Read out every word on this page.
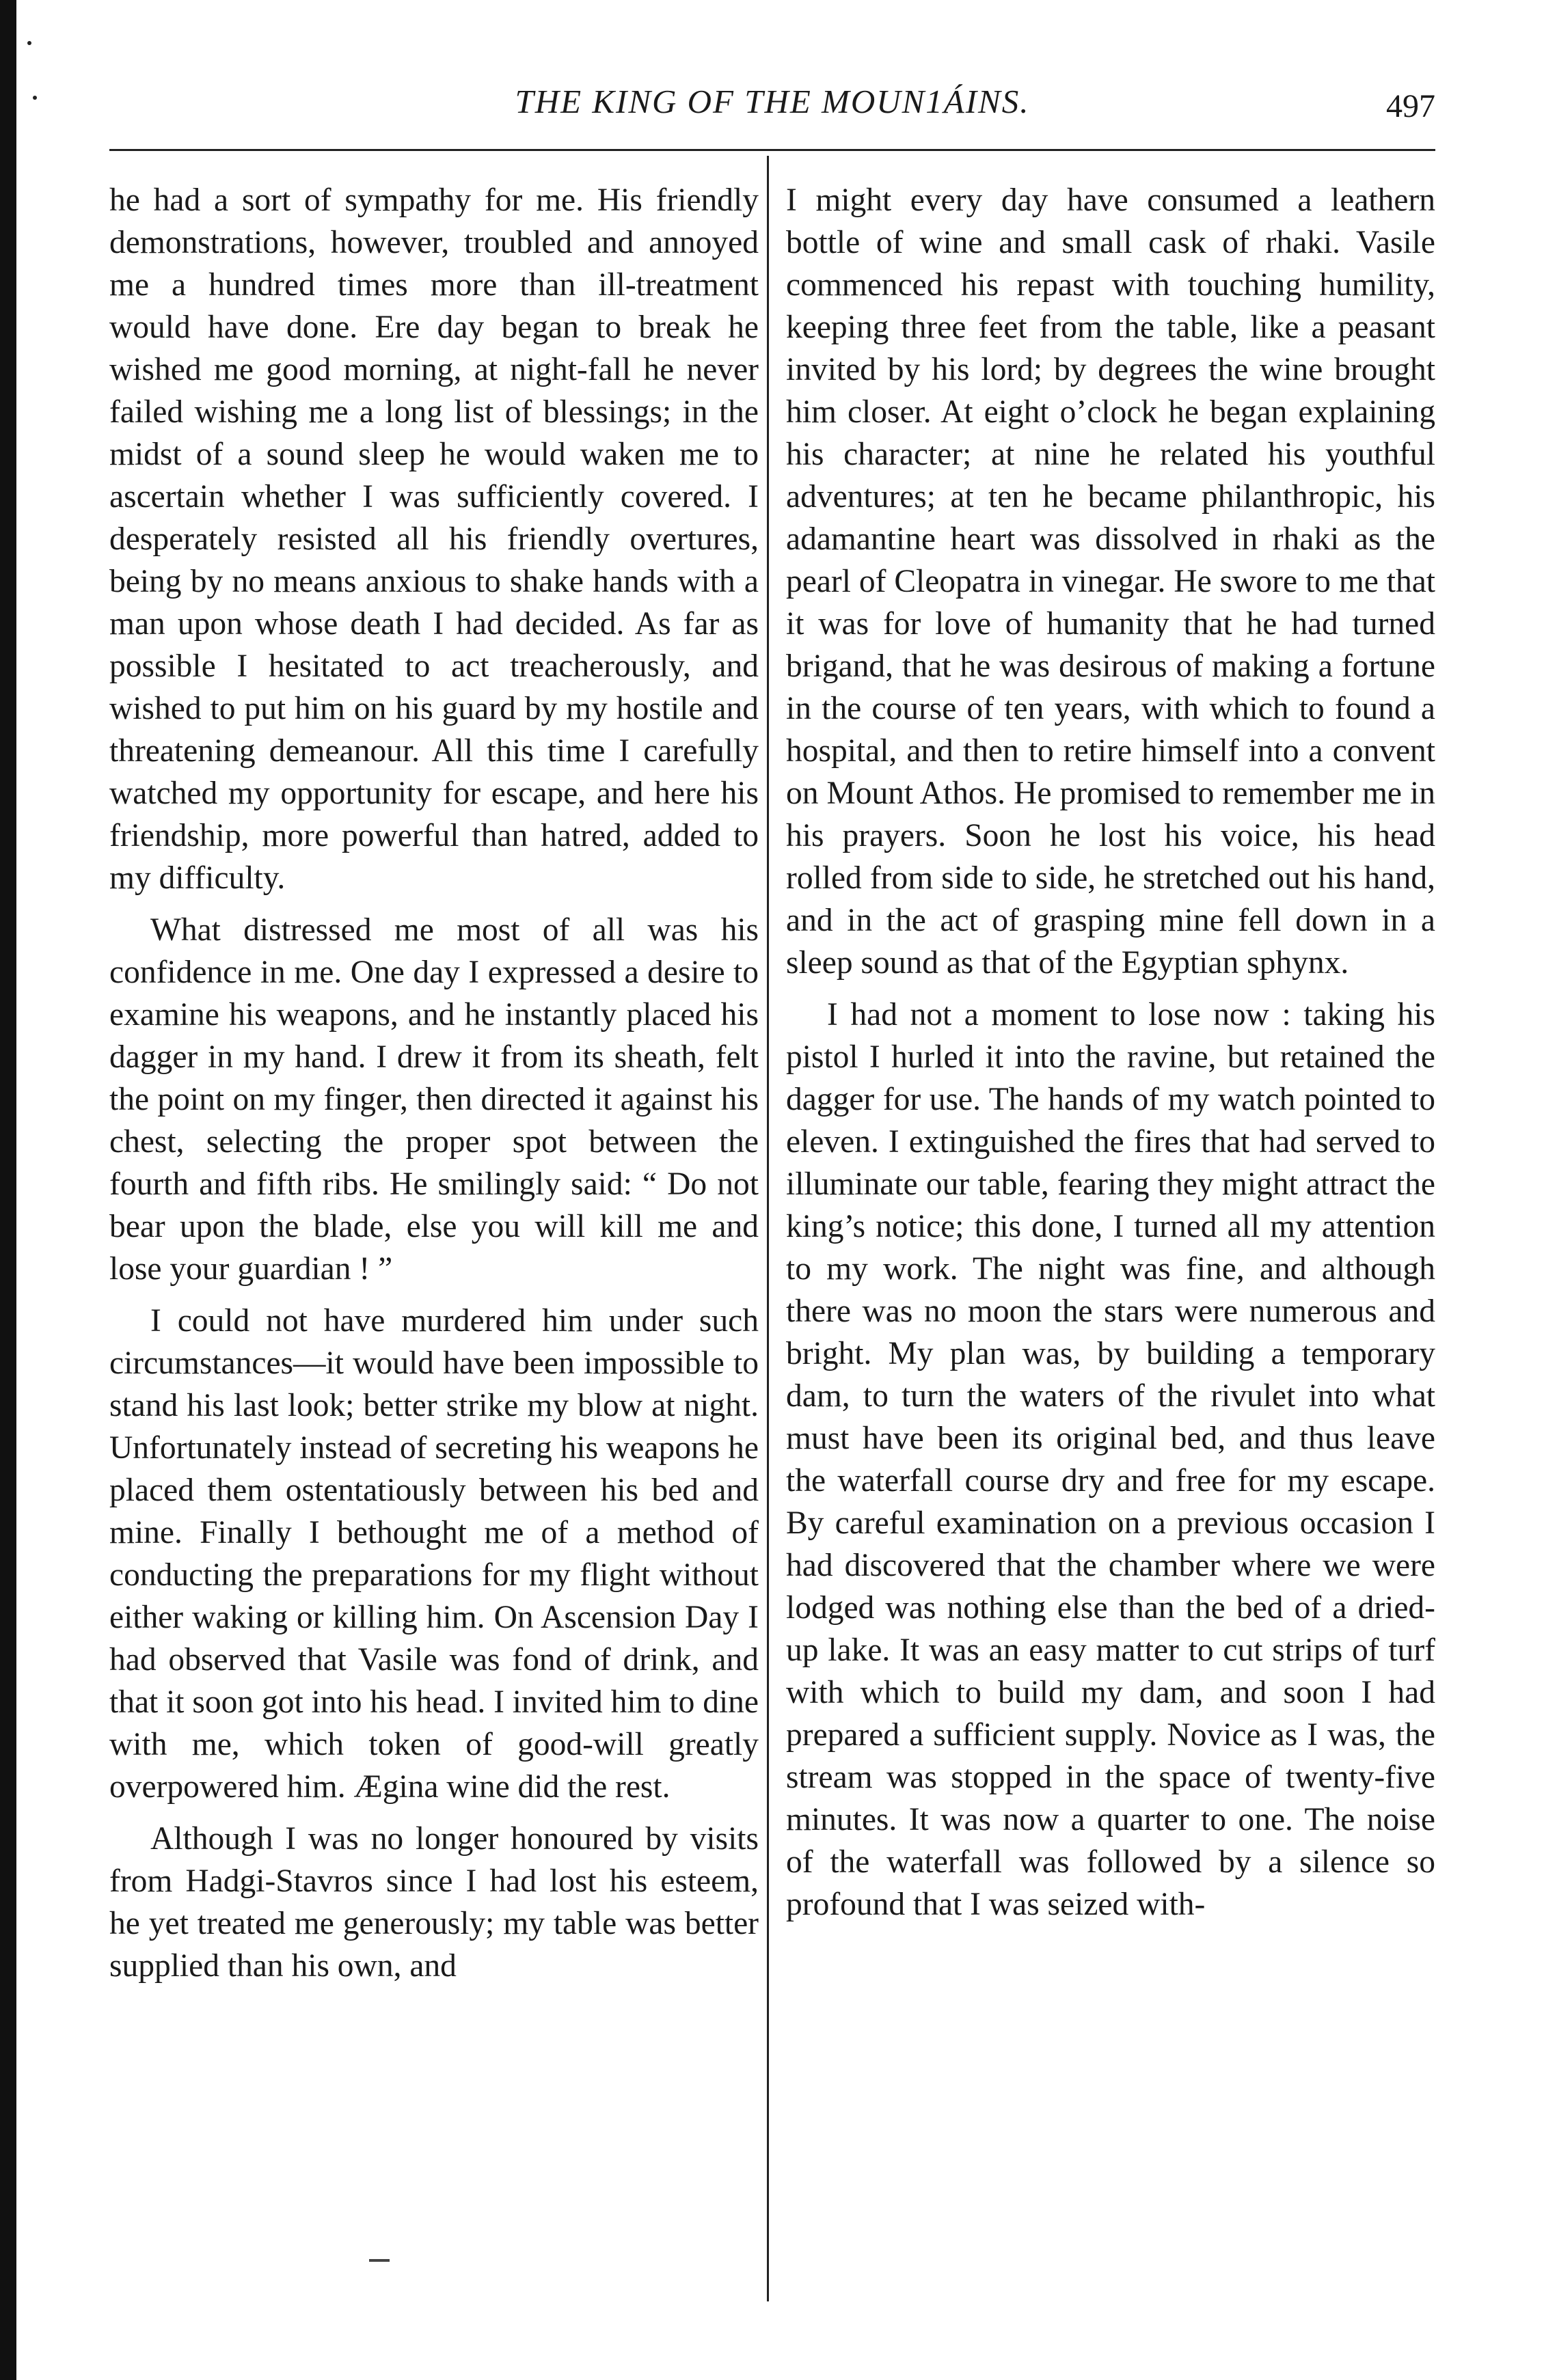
THE KING OF THE MOUN1ÁINS.	497

he had a sort of sympathy for me. His friendly demonstrations, however, troubled and annoyed me a hundred times more than ill-treatment would have done. Ere day began to break he wished me good morning, at night-fall he never failed wishing me a long list of blessings; in the midst of a sound sleep he would waken me to ascertain whether I was sufficiently covered. I desperately resisted all his friendly overtures, being by no means anxious to shake hands with a man upon whose death I had decided. As far as possible I hesitated to act treacherously, and wished to put him on his guard by my hostile and threatening demeanour. All this time I carefully watched my opportunity for escape, and here his friendship, more powerful than hatred, added to my difficulty.

What distressed me most of all was his confidence in me. One day I expressed a desire to examine his weapons, and he instantly placed his dagger in my hand. I drew it from its sheath, felt the point on my finger, then directed it against his chest, selecting the proper spot between the fourth and fifth ribs. He smilingly said: “ Do not bear upon the blade, else you will kill me and lose your guardian ! ”

I could not have murdered him under such circumstances—it would have been impossible to stand his last look; better strike my blow at night. Unfortunately instead of secreting his weapons he placed them ostentatiously between his bed and mine. Finally I bethought me of a method of conducting the preparations for my flight without either waking or killing him. On Ascension Day I had observed that Vasile was fond of drink, and that it soon got into his head. I invited him to dine with me, which token of good-will greatly overpowered him. Ægina wine did the rest.

Although I was no longer honoured by visits from Hadgi-Stavros since I had lost his esteem, he yet treated me generously; my table was better supplied than his own, and

I might every day have consumed a leathern bottle of wine and small cask of rhaki. Vasile commenced his repast with touching humility, keeping three feet from the table, like a peasant invited by his lord; by degrees the wine brought him closer. At eight o’clock he began explaining his character; at nine he related his youthful adventures; at ten he became philanthropic, his adamantine heart was dissolved in rhaki as the pearl of Cleopatra in vinegar. He swore to me that it was for love of humanity that he had turned brigand, that he was desirous of making a fortune in the course of ten years, with which to found a hospital, and then to retire himself into a convent on Mount Athos. He promised to remember me in his prayers. Soon he lost his voice, his head rolled from side to side, he stretched out his hand, and in the act of grasping mine fell down in a sleep sound as that of the Egyptian sphynx.

I had not a moment to lose now : taking his pistol I hurled it into the ravine, but retained the dagger for use. The hands of my watch pointed to eleven. I extinguished the fires that had served to illuminate our table, fearing they might attract the king’s notice; this done, I turned all my attention to my work. The night was fine, and although there was no moon the stars were numerous and bright. My plan was, by building a temporary dam, to turn the waters of the rivulet into what must have been its original bed, and thus leave the waterfall course dry and free for my escape. By careful examination on a previous occasion I had discovered that the chamber where we were lodged was nothing else than the bed of a dried-up lake. It was an easy matter to cut strips of turf with which to build my dam, and soon I had prepared a sufficient supply. Novice as I was, the stream was stopped in the space of twenty-five minutes. It was now a quarter to one. The noise of the waterfall was followed by a silence so profound that I was seized with-
